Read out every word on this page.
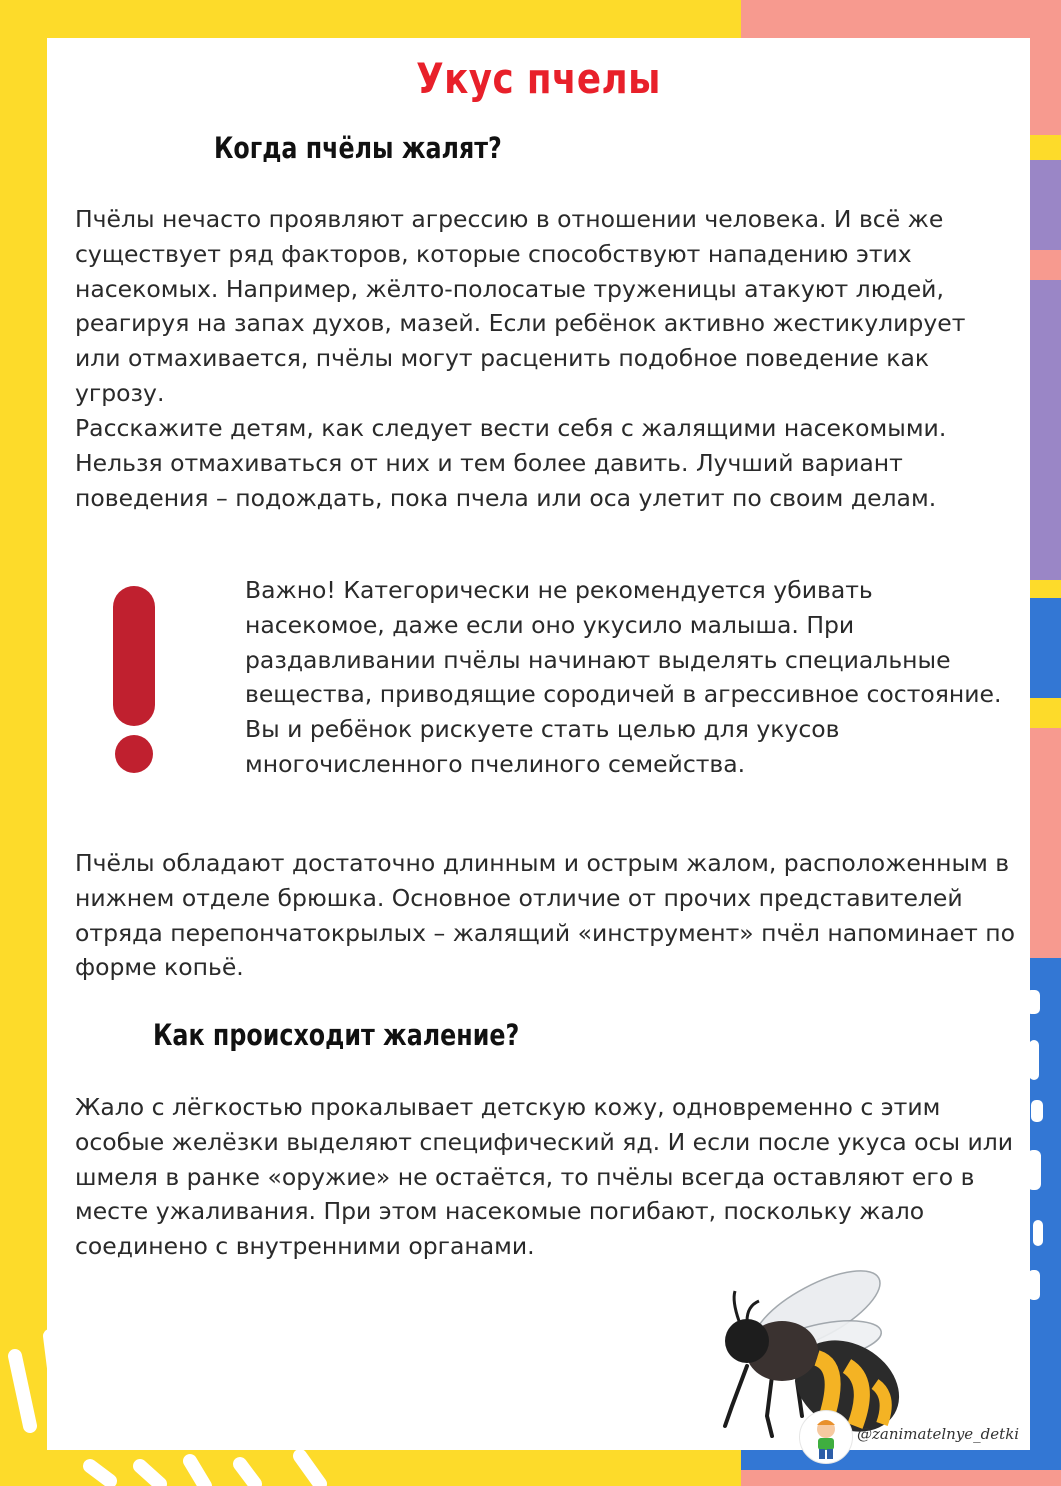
Укус пчелы
Когда пчёлы жалят?

Пчёлы нечасто проявляют агрессию в отношении человека. И всё же существует ряд факторов, которые способствуют нападению этих насекомых. Например, жёлто-полосатые труженицы атакуют людей, реагируя на запах духов, мазей. Если ребёнок активно жестикулирует или отмахивается, пчёлы могут расценить подобное поведение как угрозу.

Расскажите детям, как следует вести себя с жалящими насекомыми. Нельзя отмахиваться от них и тем более давить. Лучший вариант поведения – подождать, пока пчела или оса улетит по своим делам.

Важно! Категорически не рекомендуется убивать насекомое, даже если оно укусило малыша. При раздавливании пчёлы начинают выделять специальные вещества, приводящие сородичей в агрессивное состояние. Вы и ребёнок рискуете стать целью для укусов многочисленного пчелиного семейства.

Пчёлы обладают достаточно длинным и острым жалом, расположенным в нижнем отделе брюшка. Основное отличие от прочих представителей отряда перепончатокрылых – жалящий «инструмент» пчёл напоминает по форме копьё.

Как происходит жаление?

Жало с лёгкостью прокалывает детскую кожу, одновременно с этим особые желёзки выделяют специфический яд. И если после укуса осы или шмеля в ранке «оружие» не остаётся, то пчёлы всегда оставляют его в месте ужаливания. При этом насекомые погибают, поскольку жало соединено с внутренними органами.

@zanimatelnye_detki
